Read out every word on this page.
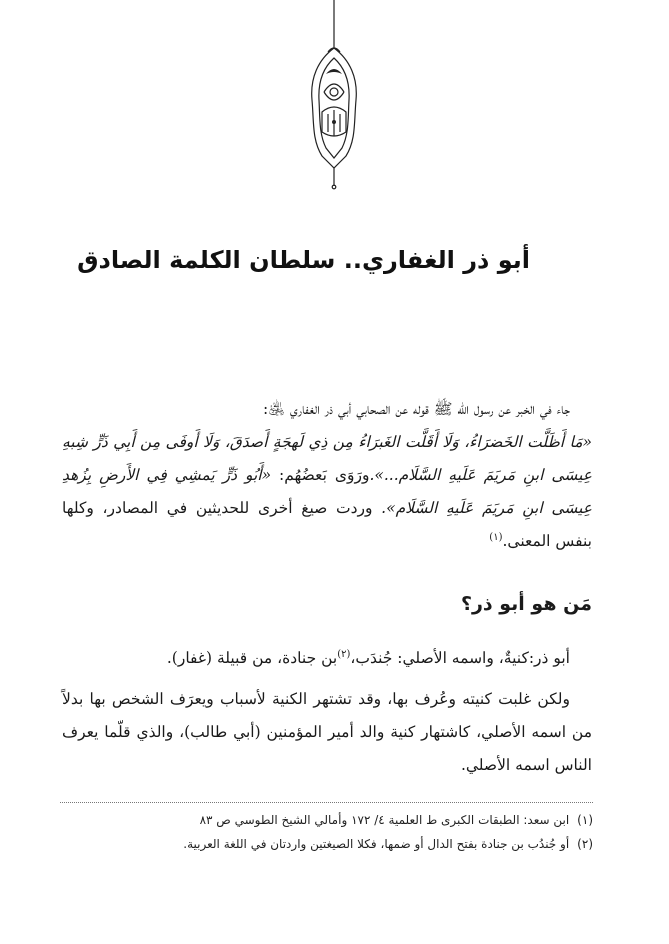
أبو ذر الغفاري.. سلطان الكلمة الصادق

جاء في الخبر عن رسول الله ﷺ قوله عن الصحابي أبي ذر الغفاري ﵁:

«مَا أَظَلَّت الخَضرَاءُ، وَلَا أَقَلَّت الغَبرَاءُ مِن ذِي لَهجَةٍ أَصدَقَ، وَلَا أَوفَى مِن أَبِي ذَرٍّ شِبهِ عِيسَى ابنِ مَريَمَ عَلَيهِ السَّلَام...».ورَوَى بَعضُهُم: «أَبُو ذَرٍّ يَمشِي فِي الأَرضِ بِزُهدِ عِيسَى ابنِ مَريَمَ عَلَيهِ السَّلَام». وردت صيغ أخرى للحديثين في المصادر، وكلها بنفس المعنى.$^{(١)}$

مَن هو أبو ذر؟

أبو ذر:كنيةٌ، واسمه الأصلي: جُندَب،$^{(٢)}$بن جنادة، من قبيلة (غفار).

ولكن غلبت كنيته وعُرف بها، وقد تشتهر الكنية لأسباب ويعرَف الشخص بها بدلاً من اسمه الأصلي، كاشتهار كنية والد أمير المؤمنين (أبي طالب)، والذي قلّما يعرف الناس اسمه الأصلي.

(١)ابن سعد: الطبقات الكبرى ط العلمية ٤/ ١٧٢ وأمالي الشيخ الطوسي ص ٨٣
(٢)أو جُندُب بن جنادة بفتح الدال أو ضمها، فكلا الصيغتين واردتان في اللغة العربية.
